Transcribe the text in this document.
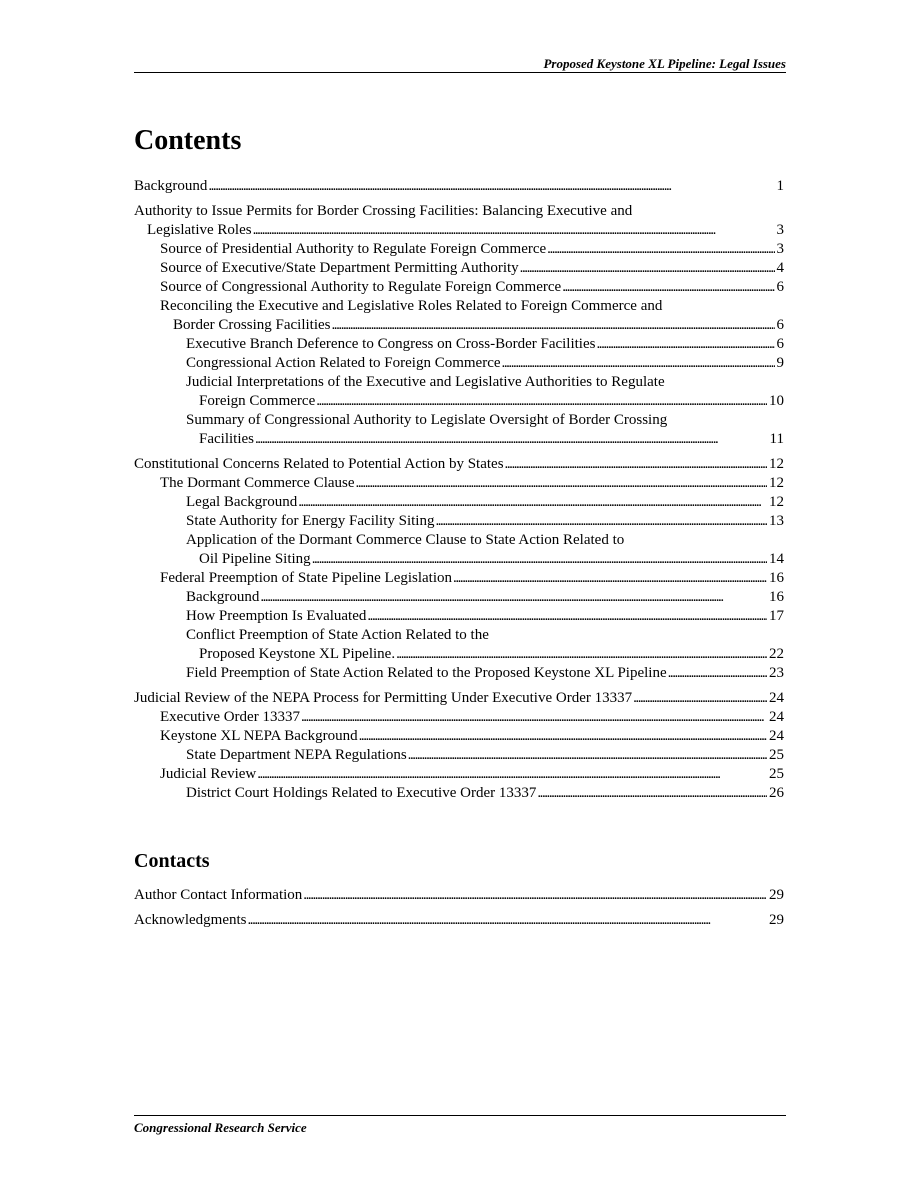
Proposed Keystone XL Pipeline: Legal Issues
Contents
Background . . .	1
Authority to Issue Permits for Border Crossing Facilities: Balancing Executive and
Legislative Roles . . .	3
Source of Presidential Authority to Regulate Foreign Commerce . . .	3
Source of Executive/State Department Permitting Authority . . .	4
Source of Congressional Authority to Regulate Foreign Commerce . . .	6
Reconciling the Executive and Legislative Roles Related to Foreign Commerce and
Border Crossing Facilities . . .	6
Executive Branch Deference to Congress on Cross-Border Facilities . . .	6
Congressional Action Related to Foreign Commerce . . .	9
Judicial Interpretations of the Executive and Legislative Authorities to Regulate
Foreign Commerce . . .	10
Summary of Congressional Authority to Legislate Oversight of Border Crossing
Facilities . . .	11
Constitutional Concerns Related to Potential Action by States . . .	12
The Dormant Commerce Clause . . .	12
Legal Background . . .	12
State Authority for Energy Facility Siting . . .	13
Application of the Dormant Commerce Clause to State Action Related to
Oil Pipeline Siting . . .	14
Federal Preemption of State Pipeline Legislation . . .	16
Background . . .	16
How Preemption Is Evaluated . . .	17
Conflict Preemption of State Action Related to the
Proposed Keystone XL Pipeline. . . .	22
Field Preemption of State Action Related to the Proposed Keystone XL Pipeline . . .	23
Judicial Review of the NEPA Process for Permitting Under Executive Order 13337 . . .	24
Executive Order 13337 . . .	24
Keystone XL NEPA Background . . .	24
State Department NEPA Regulations . . .	25
Judicial Review . . .	25
District Court Holdings Related to Executive Order 13337 . . .	26
Contacts
Author Contact Information . . .	29
Acknowledgments . . .	29
Congressional Research Service
